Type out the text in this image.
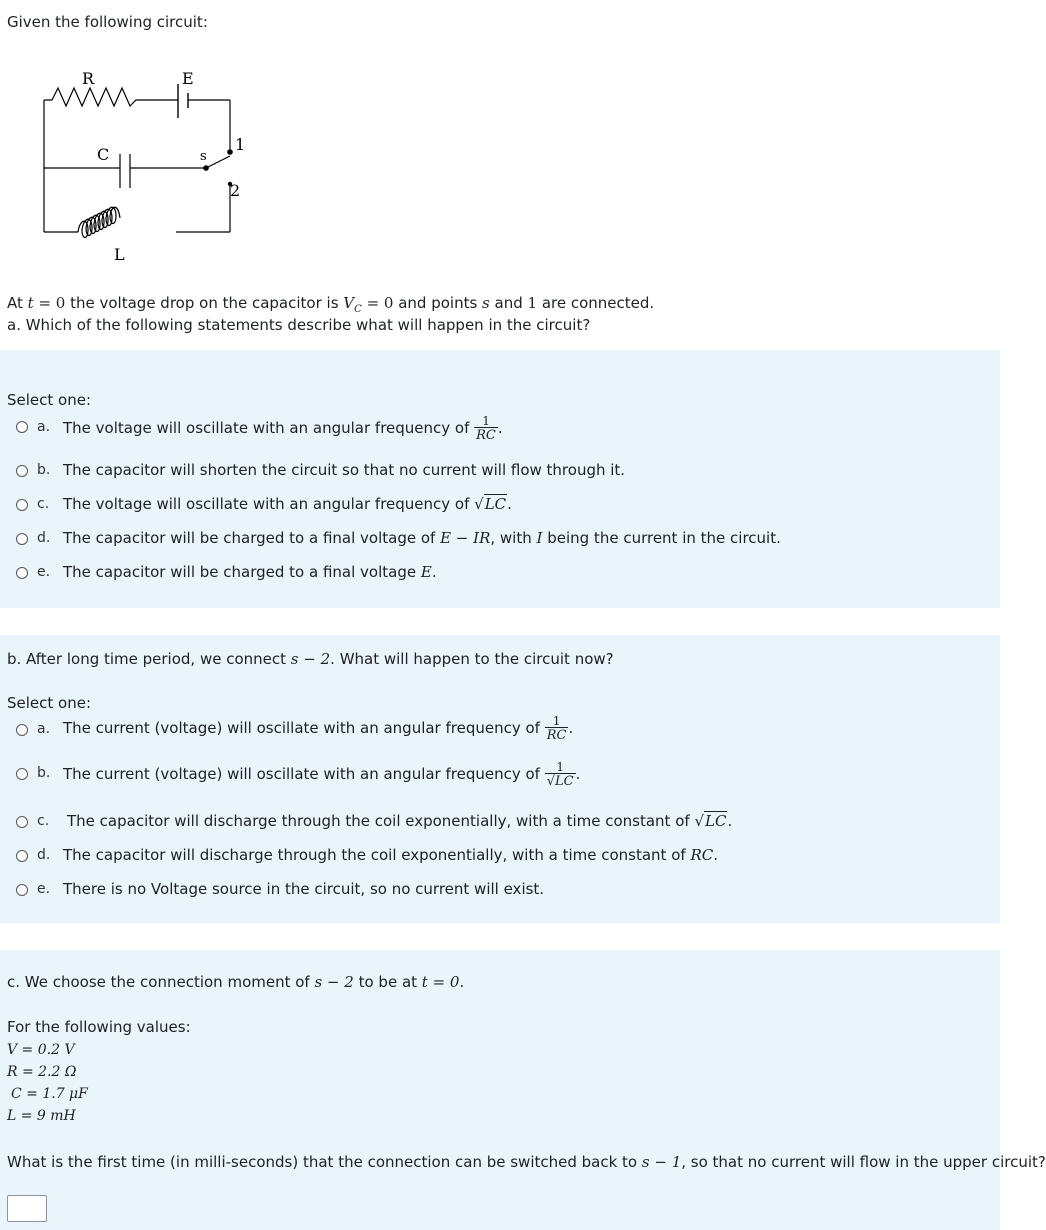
Given the following circuit:
R	E
C	s
1
2
L
At t = 0 the voltage drop on the capacitor is $V_C = 0$ and points s and 1 are connected.
a. Which of the following statements describe what will happen in the circuit?
Select one:
a. The voltage will oscillate with an angular frequency of $\frac{1}{RC}$ .
b. The capacitor will shorten the circuit so that no current will flow through it.
c. The voltage will oscillate with an angular frequency of √LC.
d. The capacitor will be charged to a final voltage of E − IR, with I being the current in the circuit.
e. The capacitor will be charged to a final voltage E.
b. After long time period, we connect s − 2. What will happen to the circuit now?
Select one:
a. The current (voltage) will oscillate with an angular frequency of $\frac{1}{RC}$ .
b. The current (voltage) will oscillate with an angular frequency of $\frac{1}{√LC}$ .
c. The capacitor will discharge through the coil exponentially, with a time constant of √LC.
d. The capacitor will discharge through the coil exponentially, with a time constant of RC.
e. There is no Voltage source in the circuit, so no current will exist.
c. We choose the connection moment of s − 2 to be at t = 0.
For the following values:
V = 0.2 V
R = 2.2 Ω
C = 1.7 μF
L = 9 mH
What is the first time (in milli-seconds) that the connection can be switched back to s − 1, so that no current will flow in the upper circuit?
